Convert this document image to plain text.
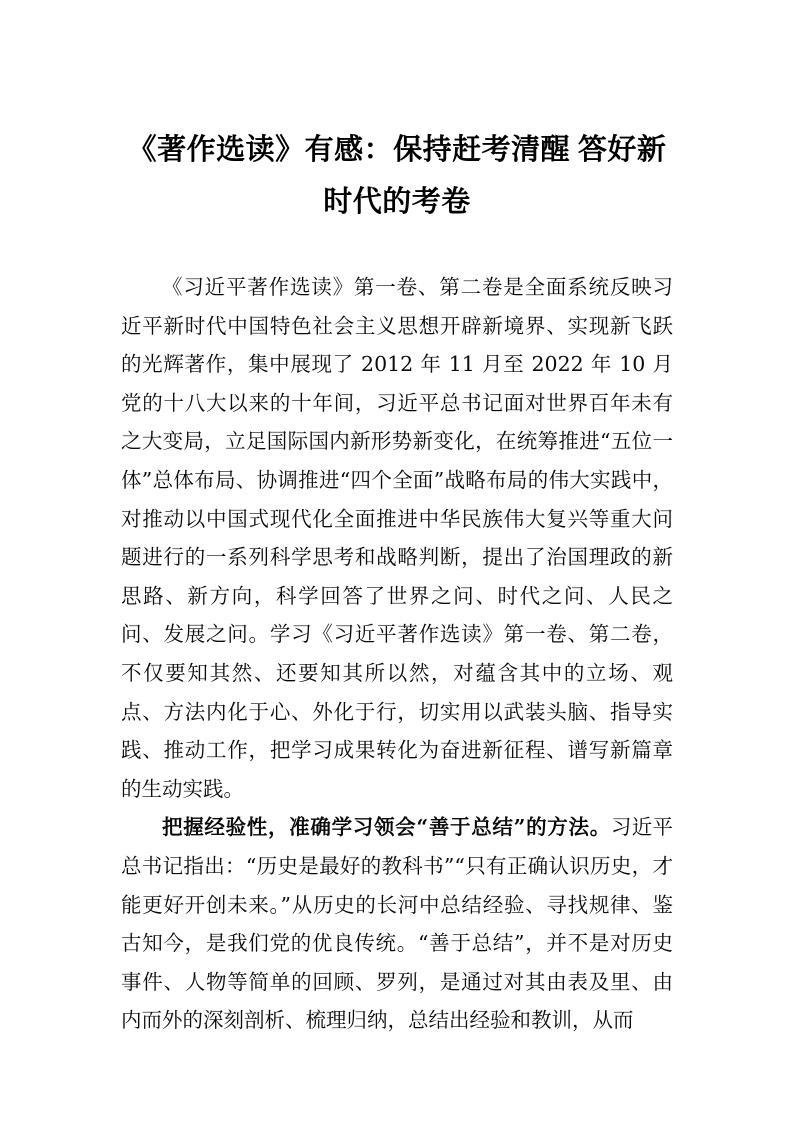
《著作选读》有感：保持赶考清醒 答好新时代的考卷

《习近平著作选读》第一卷、第二卷是全面系统反映习近平新时代中国特色社会主义思想开辟新境界、实现新飞跃的光辉著作，集中展现了 2012 年 11 月至 2022 年 10 月党的十八大以来的十年间，习近平总书记面对世界百年未有之大变局，立足国际国内新形势新变化，在统筹推进“五位一体”总体布局、协调推进“四个全面”战略布局的伟大实践中，对推动以中国式现代化全面推进中华民族伟大复兴等重大问题进行的一系列科学思考和战略判断，提出了治国理政的新思路、新方向，科学回答了世界之问、时代之问、人民之问、发展之问。学习《习近平著作选读》第一卷、第二卷，不仅要知其然、还要知其所以然，对蕴含其中的立场、观点、方法内化于心、外化于行，切实用以武装头脑、指导实践、推动工作，把学习成果转化为奋进新征程、谱写新篇章的生动实践。

把握经验性，准确学习领会“善于总结”的方法。习近平总书记指出：“历史是最好的教科书”“只有正确认识历史，才能更好开创未来。”从历史的长河中总结经验、寻找规律、鉴古知今，是我们党的优良传统。“善于总结”，并不是对历史事件、人物等简单的回顾、罗列，是通过对其由表及里、由内而外的深刻剖析、梳理归纳，总结出经验和教训，从而
